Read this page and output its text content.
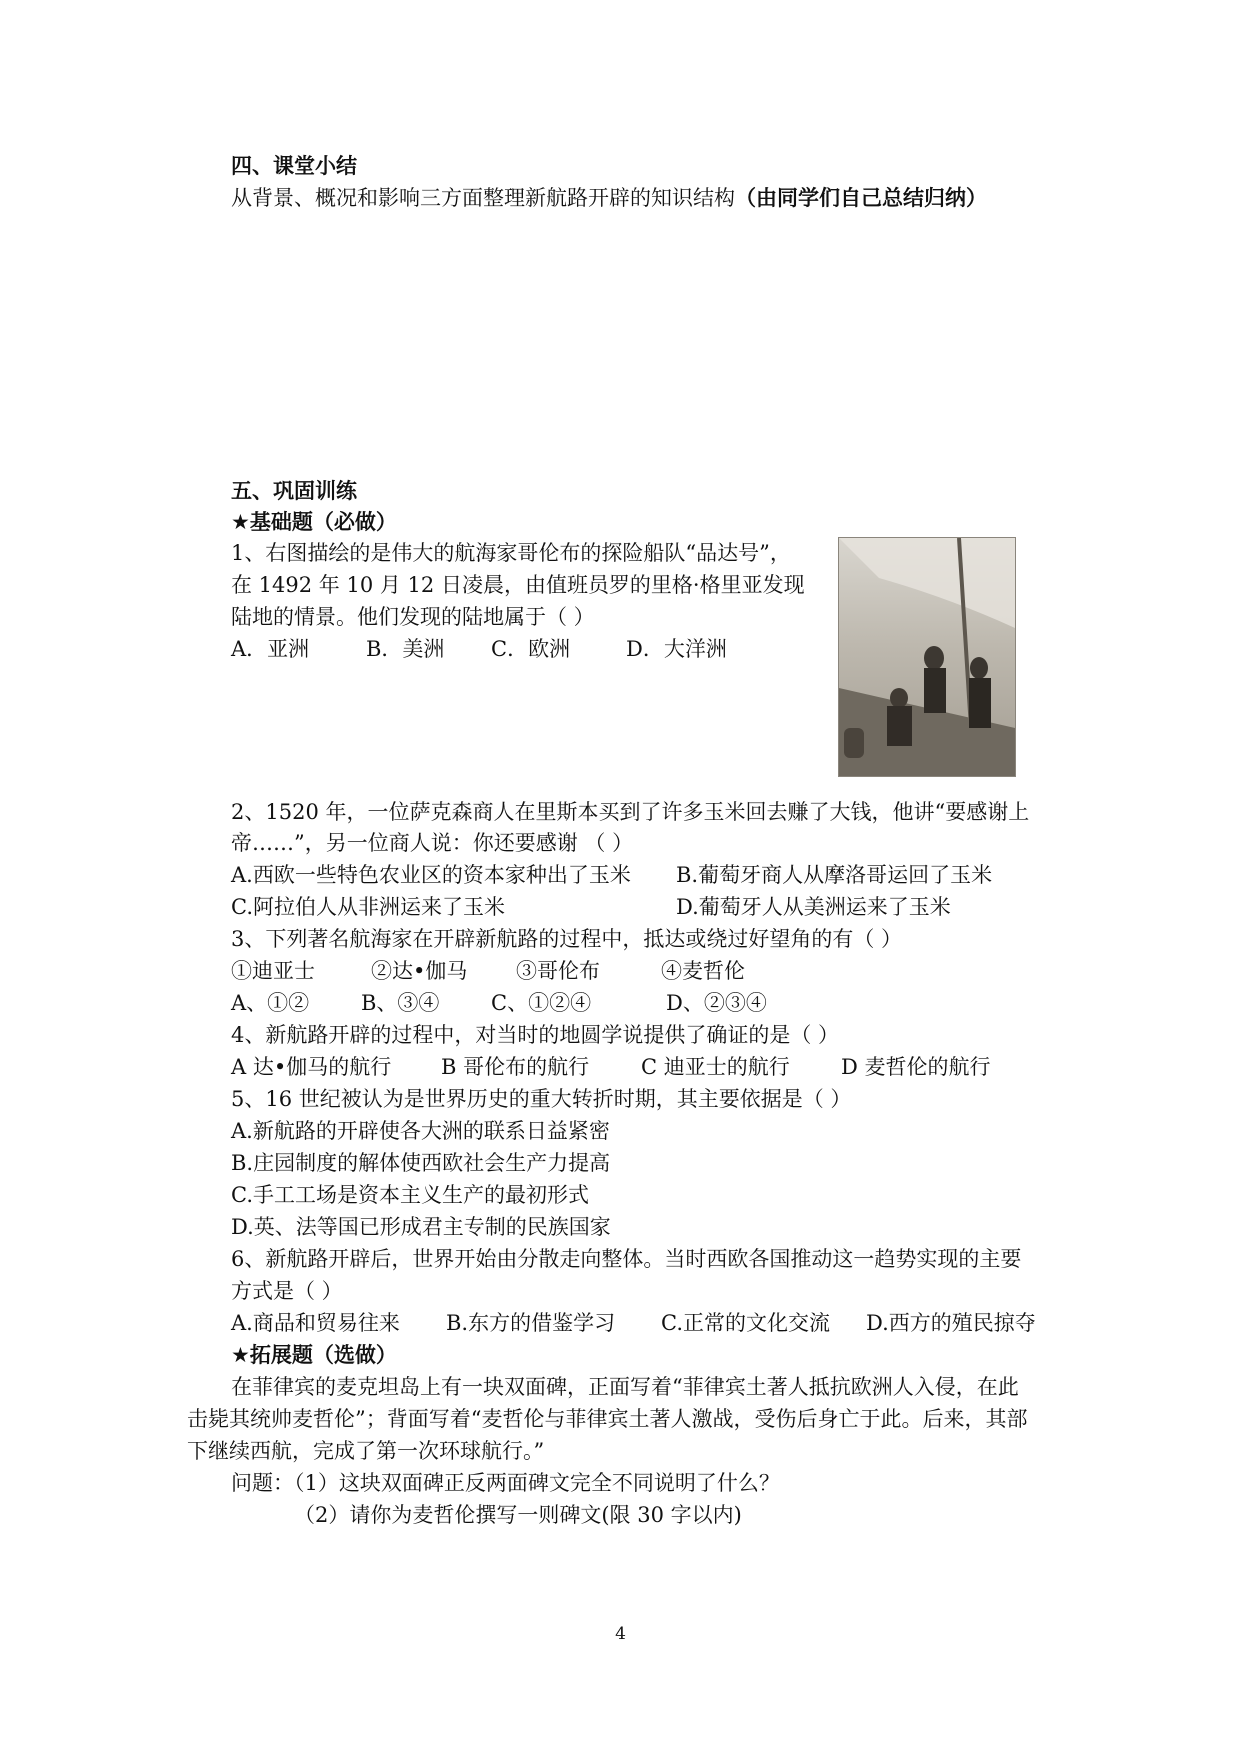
四、课堂小结
从背景、概况和影响三方面整理新航路开辟的知识结构（由同学们自己总结归纳）
五、巩固训练
★基础题（必做）
1、右图描绘的是伟大的航海家哥伦布的探险船队“品达号”，
在 1492 年 10 月 12 日凌晨，由值班员罗的里格·格里亚发现
陆地的情景。他们发现的陆地属于（ ）
A．亚洲	B．美洲 C．欧洲	D．大洋洲
2、1520 年，一位萨克森商人在里斯本买到了许多玉米回去赚了大钱，他讲“要感谢上
帝……”，另一位商人说：你还要感谢 （ ）
A.西欧一些特色农业区的资本家种出了玉米 B.葡萄牙商人从摩洛哥运回了玉米
C.阿拉伯人从非洲运来了玉米	D.葡萄牙人从美洲运来了玉米
3、下列著名航海家在开辟新航路的过程中，抵达或绕过好望角的有（ ）
①迪亚士	②达•伽马 ③哥伦布	④麦哲伦
A、①② B、③④ C、①②④	D、②③④
4、新航路开辟的过程中，对当时的地圆学说提供了确证的是（ ）
A 达•伽马的航行 B 哥伦布的航行 C 迪亚士的航行 D 麦哲伦的航行
5、16 世纪被认为是世界历史的重大转折时期，其主要依据是（ ）
A.新航路的开辟使各大洲的联系日益紧密
B.庄园制度的解体使西欧社会生产力提高
C.手工工场是资本主义生产的最初形式
D.英、法等国已形成君主专制的民族国家
6、新航路开辟后，世界开始由分散走向整体。当时西欧各国推动这一趋势实现的主要
方式是（ ）
A.商品和贸易往来 B.东方的借鉴学习 C.正常的文化交流 D.西方的殖民掠夺
★拓展题（选做）
在菲律宾的麦克坦岛上有一块双面碑，正面写着“菲律宾土著人抵抗欧洲人入侵，在此
击毙其统帅麦哲伦”；背面写着“麦哲伦与菲律宾土著人激战，受伤后身亡于此。后来，其部
下继续西航，完成了第一次环球航行。”
问题：（1）这块双面碑正反两面碑文完全不同说明了什么？
（2）请你为麦哲伦撰写一则碑文(限 30 字以内)
4
